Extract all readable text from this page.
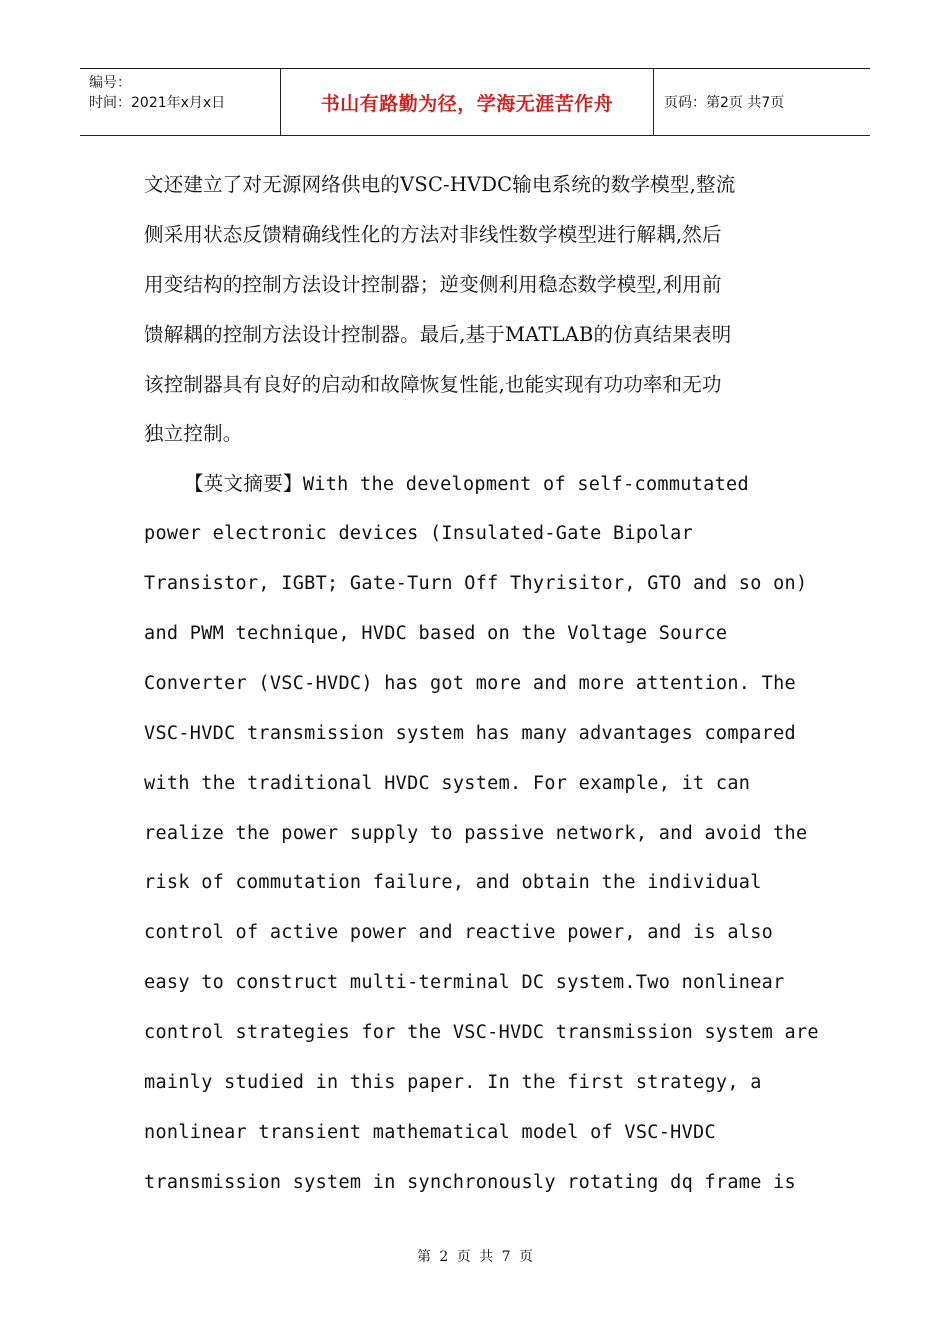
编号：
时间：2021年x月x日	书山有路勤为径，学海无涯苦作舟	页码：第2页 共7页
文还建立了对无源网络供电的VSC-HVDC输电系统的数学模型,整流
侧采用状态反馈精确线性化的方法对非线性数学模型进行解耦,然后
用变结构的控制方法设计控制器；逆变侧利用稳态数学模型,利用前
馈解耦的控制方法设计控制器。最后,基于MATLAB的仿真结果表明
该控制器具有良好的启动和故障恢复性能,也能实现有功功率和无功
独立控制。
【英文摘要】With the development of self-commutated
power electronic devices (Insulated-Gate Bipolar
Transistor, IGBT; Gate-Turn Off Thyrisitor, GTO and so on)
and PWM technique, HVDC based on the Voltage Source
Converter (VSC-HVDC) has got more and more attention. The
VSC-HVDC transmission system has many advantages compared
with the traditional HVDC system. For example, it can
realize the power supply to passive network, and avoid the
risk of commutation failure, and obtain the individual
control of active power and reactive power, and is also
easy to construct multi-terminal DC system.Two nonlinear
control strategies for the VSC-HVDC transmission system are
mainly studied in this paper. In the first strategy, a
nonlinear transient mathematical model of VSC-HVDC
transmission system in synchronously rotating dq frame is
第 2 页 共 7 页
